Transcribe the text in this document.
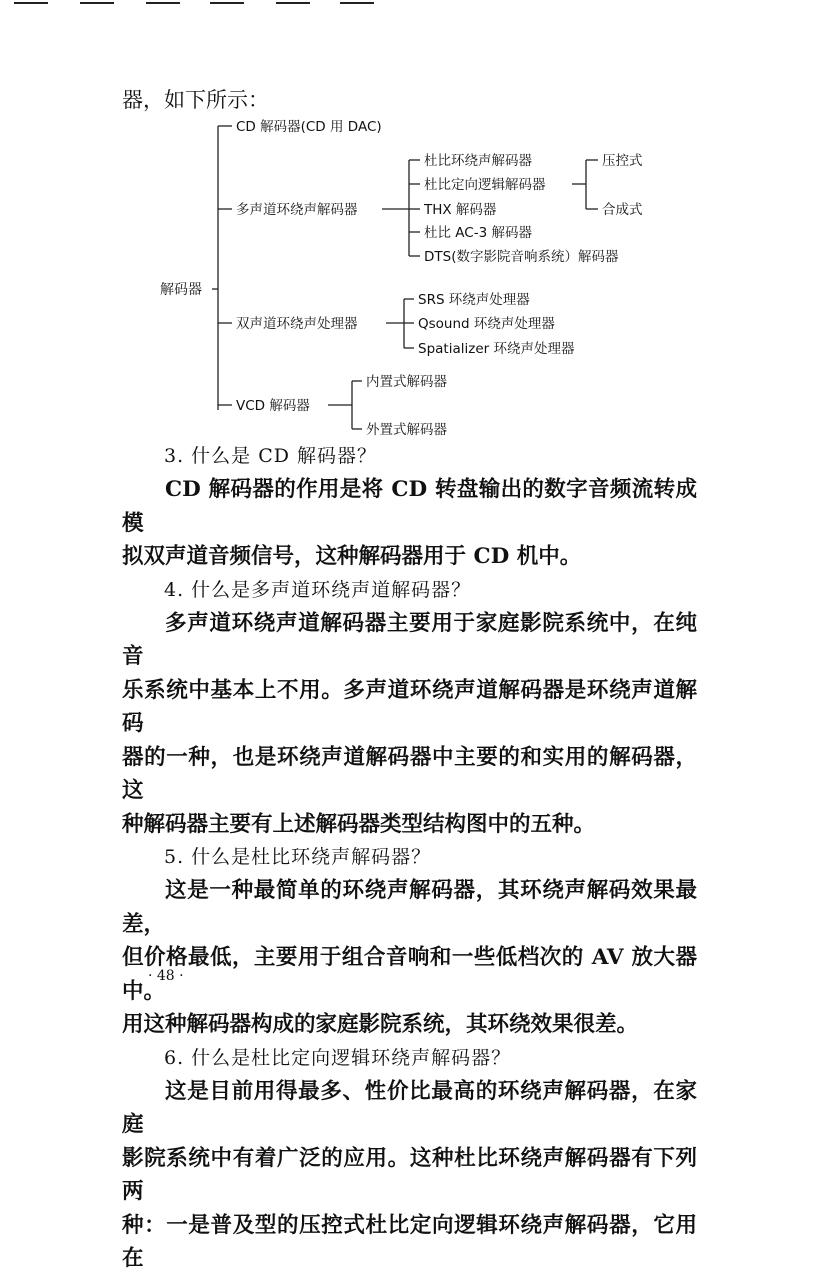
器，如下所示：

解码器
CD 解码器(CD 用 DAC)
多声道环绕声解码器
杜比环绕声解码器
杜比定向逻辑解码器
THX 解码器
杜比 AC-3 解码器
DTS(数字影院音响系统）解码器
压控式
合成式
双声道环绕声处理器
SRS 环绕声处理器
Qsound 环绕声处理器
Spatializer 环绕声处理器
VCD 解码器
内置式解码器
外置式解码器

3. 什么是 CD 解码器？

CD 解码器的作用是将 CD 转盘输出的数字音频流转成模
拟双声道音频信号，这种解码器用于 CD 机中。

4. 什么是多声道环绕声道解码器？

多声道环绕声道解码器主要用于家庭影院系统中，在纯音
乐系统中基本上不用。多声道环绕声道解码器是环绕声道解码
器的一种，也是环绕声道解码器中主要的和实用的解码器，这
种解码器主要有上述解码器类型结构图中的五种。

5. 什么是杜比环绕声解码器？

这是一种最简单的环绕声解码器，其环绕声解码效果最差，
但价格最低，主要用于组合音响和一些低档次的 AV 放大器中。
用这种解码器构成的家庭影院系统，其环绕效果很差。

6. 什么是杜比定向逻辑环绕声解码器？

这是目前用得最多、性价比最高的环绕声解码器，在家庭
影院系统中有着广泛的应用。这种杜比环绕声解码器有下列两
种：一是普及型的压控式杜比定向逻辑环绕声解码器，它用在

· 48 ·
